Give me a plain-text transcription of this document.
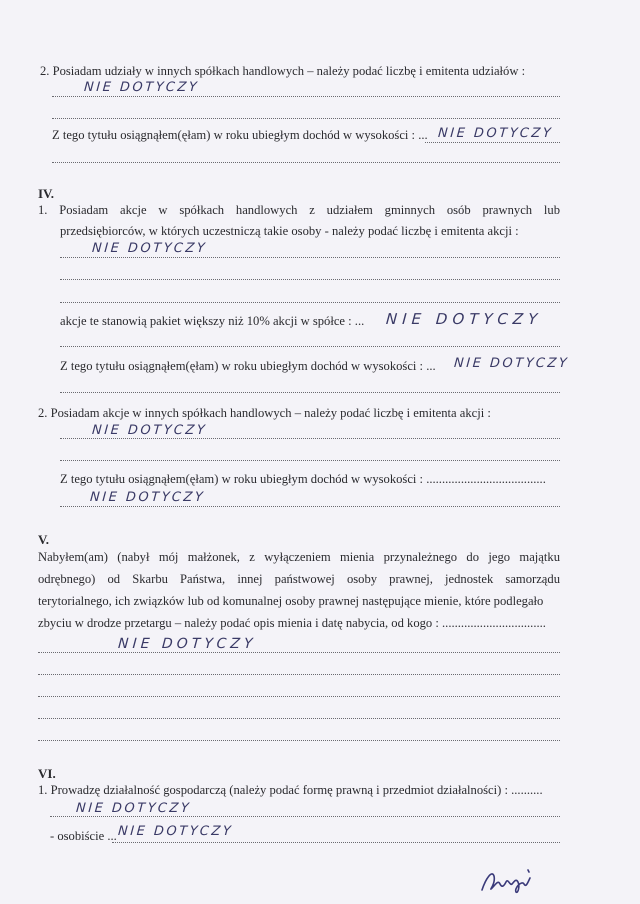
2. Posiadam udziały w innych spółkach handlowych – należy podać liczbę i emitenta udziałów :
NIE DOTYCZY
Z tego tytułu osiągnąłem(ęłam) w roku ubiegłym dochód w wysokości : ... NIE DOTYCZY
IV.
1. Posiadam akcje w spółkach handlowych z udziałem gminnych osób prawnych lub
przedsiębiorców, w których uczestniczą takie osoby - należy podać liczbę i emitenta akcji :
NIE DOTYCZY
akcje te stanowią pakiet większy niż 10% akcji w spółce : ... NIE DOTYCZY
Z tego tytułu osiągnąłem(ęłam) w roku ubiegłym dochód w wysokości : ... NIE DOTYCZY
2. Posiadam akcje w innych spółkach handlowych – należy podać liczbę i emitenta akcji :
NIE DOTYCZY
Z tego tytułu osiągnąłem(ęłam) w roku ubiegłym dochód w wysokości : ......................................
NIE DOTYCZY
V.
Nabyłem(am) (nabył mój małżonek, z wyłączeniem mienia przynależnego do jego majątku
odrębnego) od Skarbu Państwa, innej państwowej osoby prawnej, jednostek samorządu
terytorialnego, ich związków lub od komunalnej osoby prawnej następujące mienie, które podlegało
zbyciu w drodze przetargu – należy podać opis mienia i datę nabycia, od kogo : .................................
NIE DOTYCZY
VI.
1. Prowadzę działalność gospodarczą (należy podać formę prawną i przedmiot działalności) : ..........
NIE DOTYCZY
- osobiście ... NIE DOTYCZY
